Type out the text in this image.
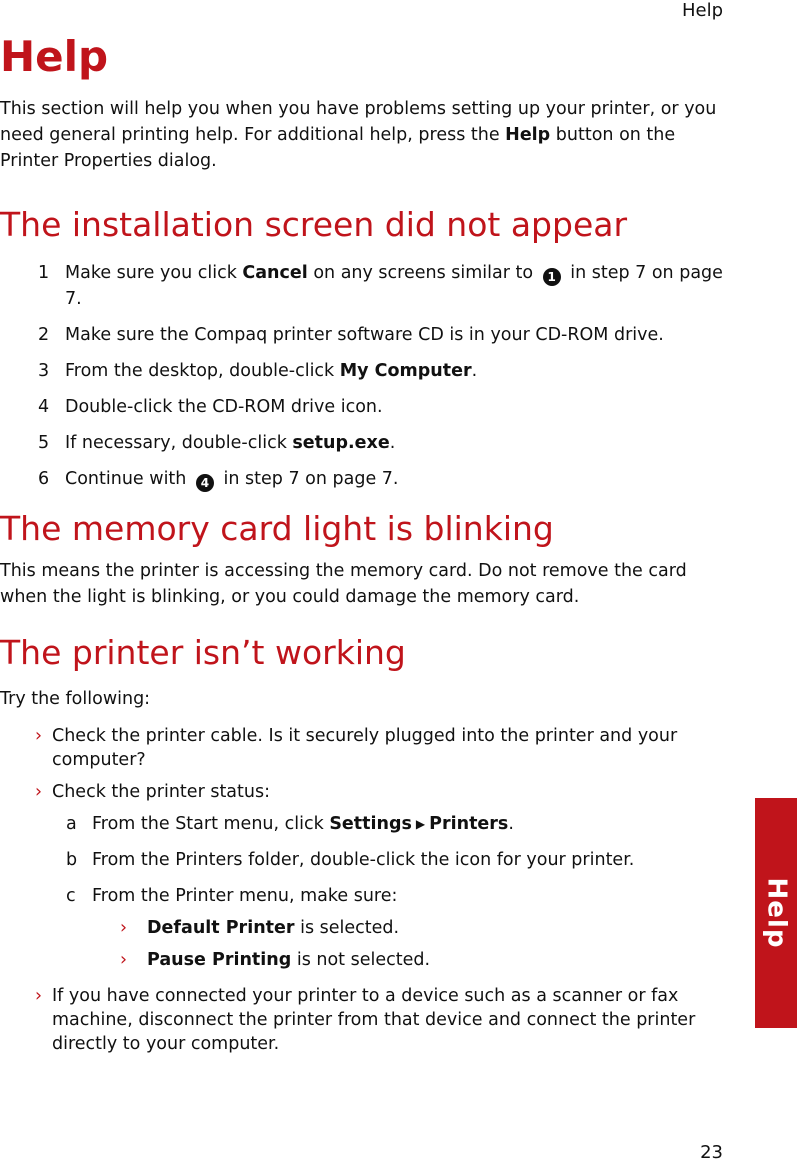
Help
Help
Help

This section will help you when you have problems setting up your printer, or you need general printing help. For additional help, press the Help button on the Printer Properties dialog.

The installation screen did not appear
1 Make sure you click Cancel on any screens similar to 1 in step 7 on page 7.
2 Make sure the Compaq printer software CD is in your CD-ROM drive.
3 From the desktop, double-click My Computer.
4 Double-click the CD-ROM drive icon.
5 If necessary, double-click setup.exe.
6 Continue with 4 in step 7 on page 7.
The memory card light is blinking

This means the printer is accessing the memory card. Do not remove the card when the light is blinking, or you could damage the memory card.

The printer isn’t working

Try the following:

› Check the printer cable. Is it securely plugged into the printer and your computer?
› Check the printer status:
a From the Start menu, click Settings ▶ Printers.
b From the Printers folder, double-click the icon for your printer.
c From the Printer menu, make sure:
› Default Printer is selected.
› Pause Printing is not selected.
› If you have connected your printer to a device such as a scanner or fax machine, disconnect the printer from that device and connect the printer directly to your computer.
23
